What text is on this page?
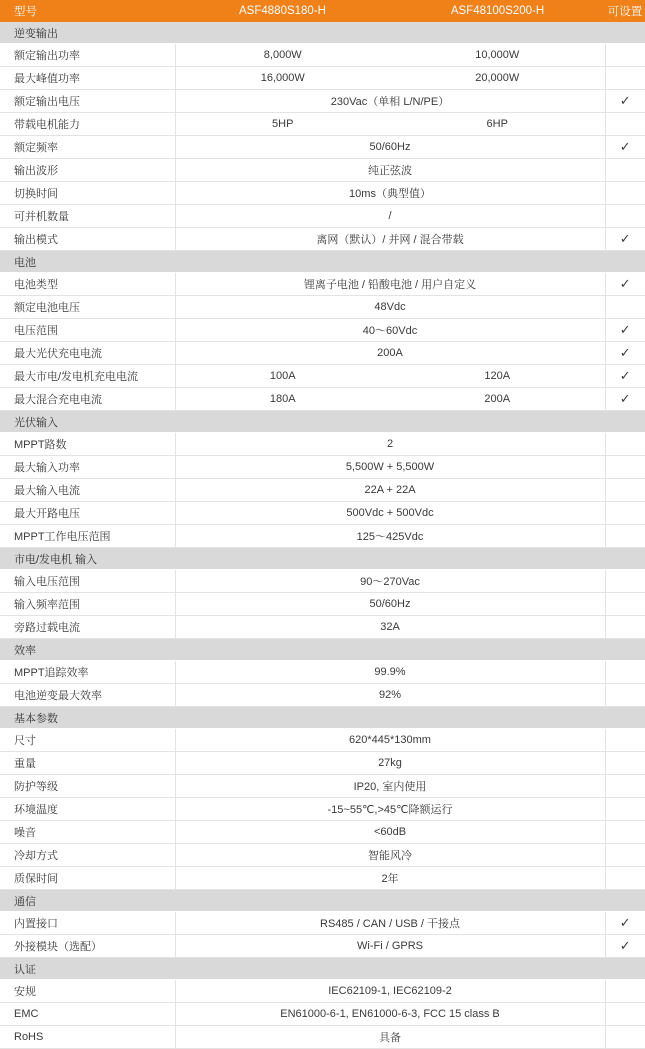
型号	ASF4880S180-H	ASF48100S200-H	可设置
逆变输出			
额定输出功率	8,000W	10,000W	
最大峰值功率	16,000W	20,000W	
额定输出电压	230Vac（单相 L/N/PE）		✓
带载电机能力	5HP	6HP	
额定频率	50/60Hz		✓
输出波形	纯正弦波		
切换时间	10ms（典型值）		
可并机数量	/		
输出模式	离网（默认）/ 并网 / 混合带载		✓
电池			
电池类型	锂离子电池 / 铅酸电池 / 用户自定义		✓
额定电池电压	48Vdc		
电压范围	40～60Vdc		✓
最大光伏充电电流	200A		✓
最大市电/发电机充电电流	100A	120A	✓
最大混合充电电流	180A	200A	✓
光伏输入			
MPPT路数	2		
最大输入功率	5,500W + 5,500W		
最大输入电流	22A + 22A		
最大开路电压	500Vdc + 500Vdc		
MPPT工作电压范围	125～425Vdc		
市电/发电机 输入			
输入电压范围	90～270Vac		
输入频率范围	50/60Hz		
旁路过载电流	32A		
效率			
MPPT追踪效率	99.9%		
电池逆变最大效率	92%		
基本参数			
尺寸	620*445*130mm		
重量	27kg		
防护等级	IP20, 室内使用		
环境温度	-15~55℃,>45℃降额运行		
噪音	<60dB		
冷却方式	智能风冷		
质保时间	2年		
通信			
内置接口	RS485 / CAN / USB / 干接点		✓
外接模块（选配）	Wi-Fi / GPRS		✓
认证			
安规	IEC62109-1, IEC62109-2		
EMC	EN61000-6-1, EN61000-6-3, FCC 15 class B		
RoHS	具备		
